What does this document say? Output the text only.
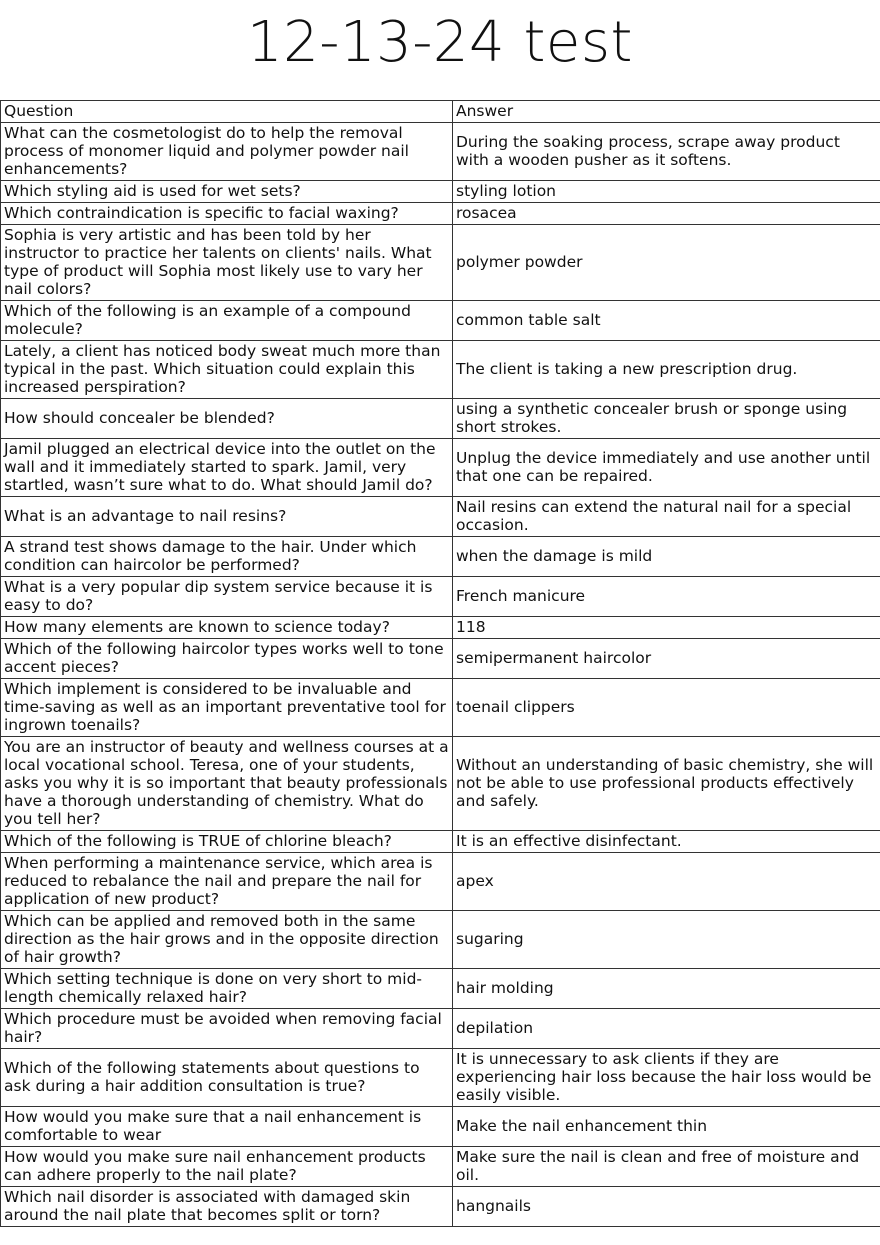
12-13-24 test
Question	Answer
What can the cosmetologist do to help the removal process of monomer liquid and polymer powder nail enhancements?	During the soaking process, scrape away product with a wooden pusher as it softens.
Which styling aid is used for wet sets?	styling lotion
Which contraindication is specific to facial waxing?	rosacea
Sophia is very artistic and has been told by her instructor to practice her talents on clients' nails. What type of product will Sophia most likely use to vary her nail colors?	polymer powder
Which of the following is an example of a compound molecule?	common table salt
Lately, a client has noticed body sweat much more than typical in the past. Which situation could explain this increased perspiration?	The client is taking a new prescription drug.
How should concealer be blended?	using a synthetic concealer brush or sponge using short strokes.
Jamil plugged an electrical device into the outlet on the wall and it immediately started to spark. Jamil, very startled, wasn’t sure what to do. What should Jamil do?	Unplug the device immediately and use another until that one can be repaired.
What is an advantage to nail resins?	Nail resins can extend the natural nail for a special occasion.
A strand test shows damage to the hair. Under which condition can haircolor be performed?	when the damage is mild
What is a very popular dip system service because it is easy to do?	French manicure
How many elements are known to science today?	118
Which of the following haircolor types works well to tone accent pieces?	semipermanent haircolor
Which implement is considered to be invaluable and time-saving as well as an important preventative tool for ingrown toenails?	toenail clippers
You are an instructor of beauty and wellness courses at a local vocational school. Teresa, one of your students, asks you why it is so important that beauty professionals have a thorough understanding of chemistry. What do you tell her?	Without an understanding of basic chemistry, she will not be able to use professional products effectively and safely.
Which of the following is TRUE of chlorine bleach?	It is an effective disinfectant.
When performing a maintenance service, which area is reduced to rebalance the nail and prepare the nail for application of new product?	apex
Which can be applied and removed both in the same direction as the hair grows and in the opposite direction of hair growth?	sugaring
Which setting technique is done on very short to mid-length chemically relaxed hair?	hair molding
Which procedure must be avoided when removing facial hair?	depilation
Which of the following statements about questions to ask during a hair addition consultation is true?	It is unnecessary to ask clients if they are experiencing hair loss because the hair loss would be easily visible.
How would you make sure that a nail enhancement is comfortable to wear	Make the nail enhancement thin
How would you make sure nail enhancement products can adhere properly to the nail plate?	Make sure the nail is clean and free of moisture and oil.
Which nail disorder is associated with damaged skin around the nail plate that becomes split or torn?	hangnails
